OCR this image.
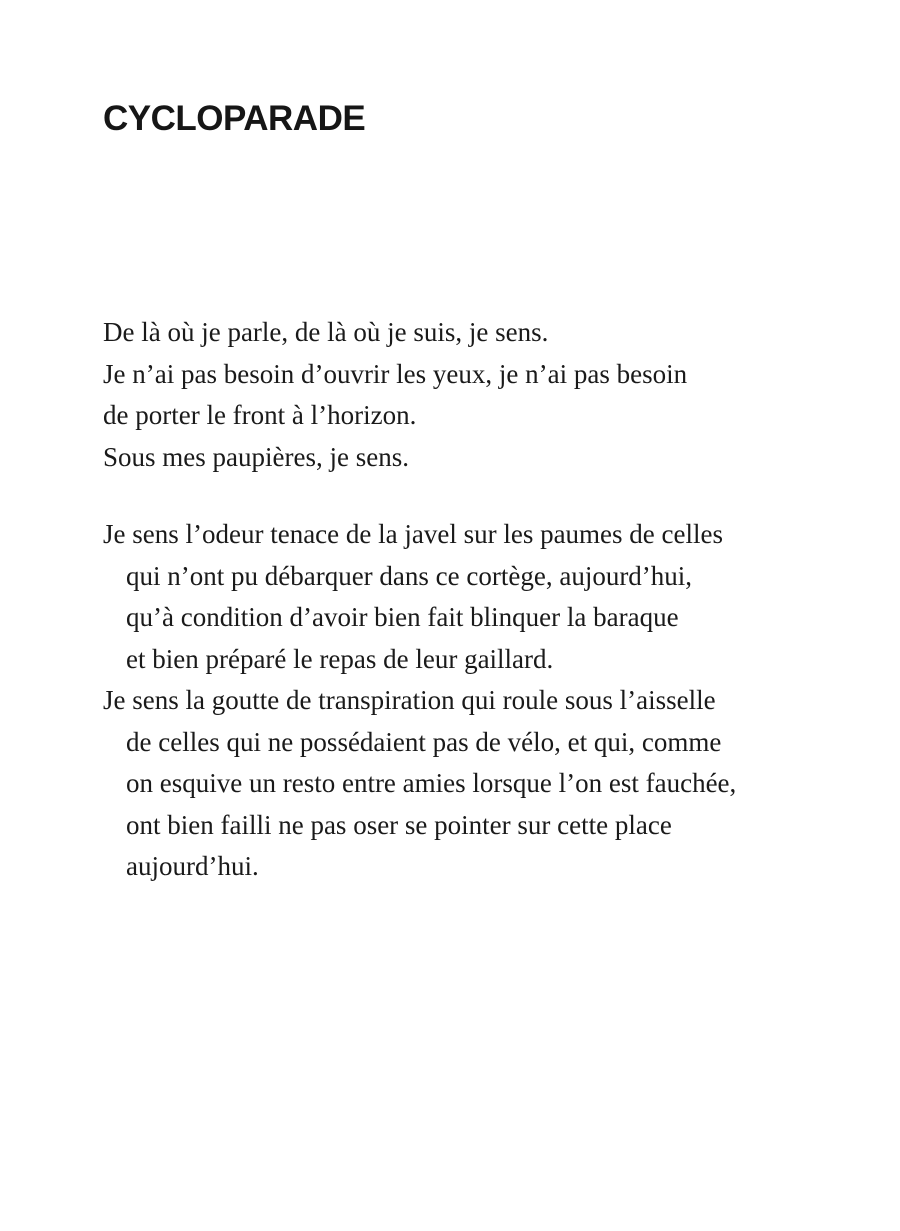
CYCLOPARADE

De là où je parle, de là où je suis, je sens.
Je n’ai pas besoin d’ouvrir les yeux, je n’ai pas besoin
de porter le front à l’horizon.
Sous mes paupières, je sens.

Je sens l’odeur tenace de la javel sur les paumes de celles
qui n’ont pu débarquer dans ce cortège, aujourd’hui,
qu’à condition d’avoir bien fait blinquer la baraque
et bien préparé le repas de leur gaillard.

Je sens la goutte de transpiration qui roule sous l’aisselle
de celles qui ne possédaient pas de vélo, et qui, comme
on esquive un resto entre amies lorsque l’on est fauchée,
ont bien failli ne pas oser se pointer sur cette place
aujourd’hui.
